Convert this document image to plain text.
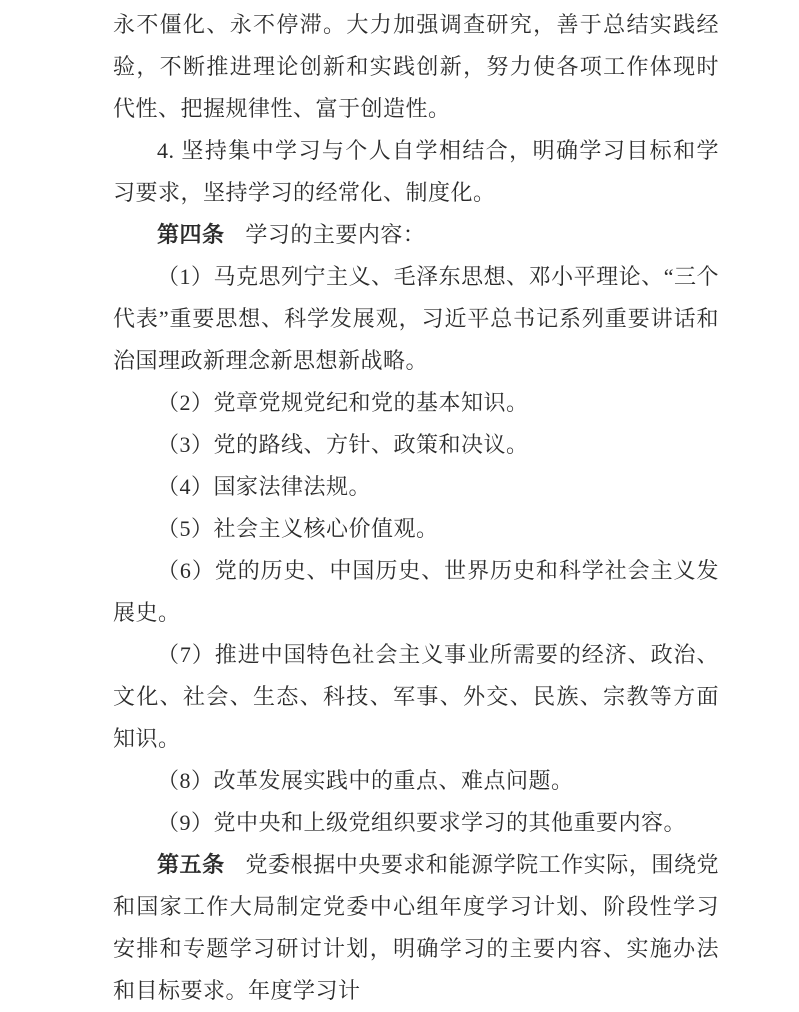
永不僵化、永不停滞。大力加强调查研究，善于总结实践经验，不断推进理论创新和实践创新，努力使各项工作体现时代性、把握规律性、富于创造性。

4. 坚持集中学习与个人自学相结合，明确学习目标和学习要求，坚持学习的经常化、制度化。

第四条 学习的主要内容：

（1）马克思列宁主义、毛泽东思想、邓小平理论、“三个代表”重要思想、科学发展观，习近平总书记系列重要讲话和治国理政新理念新思想新战略。

（2）党章党规党纪和党的基本知识。

（3）党的路线、方针、政策和决议。

（4）国家法律法规。

（5）社会主义核心价值观。

（6）党的历史、中国历史、世界历史和科学社会主义发展史。

（7）推进中国特色社会主义事业所需要的经济、政治、文化、社会、生态、科技、军事、外交、民族、宗教等方面知识。

（8）改革发展实践中的重点、难点问题。

（9）党中央和上级党组织要求学习的其他重要内容。

第五条 党委根据中央要求和能源学院工作实际，围绕党和国家工作大局制定党委中心组年度学习计划、阶段性学习安排和专题学习研讨计划，明确学习的主要内容、实施办法和目标要求。年度学习计
